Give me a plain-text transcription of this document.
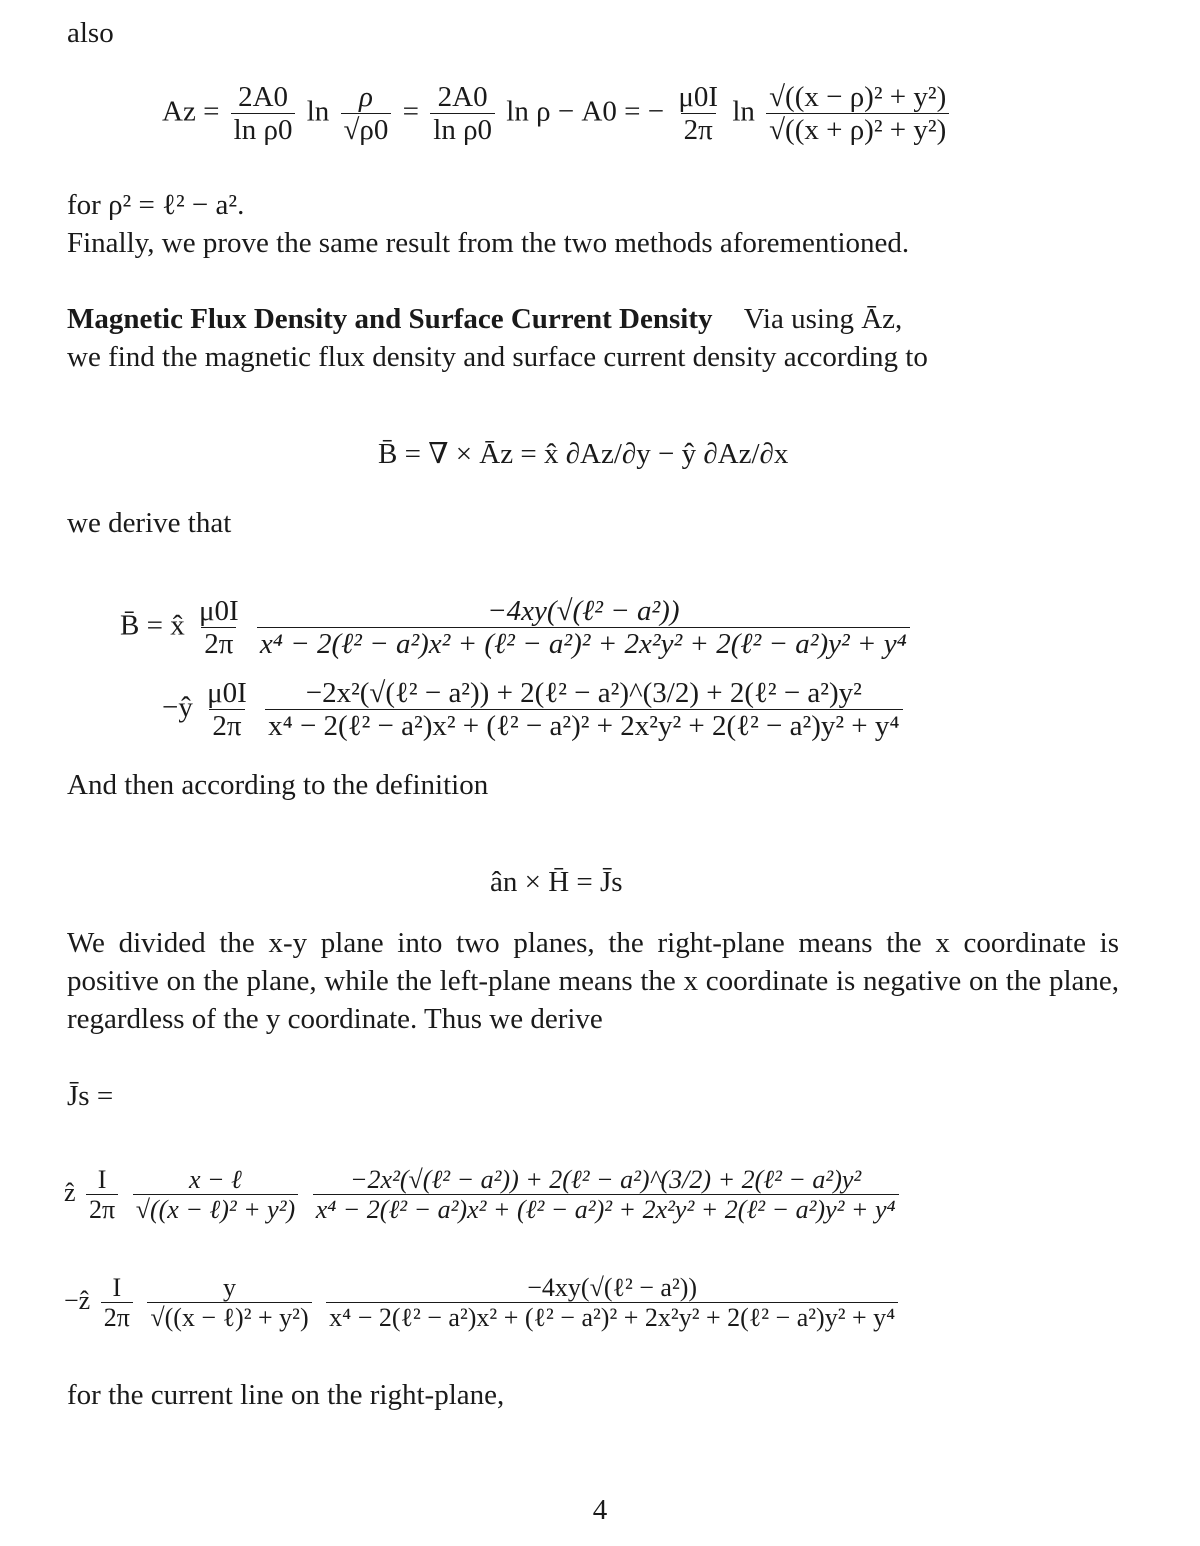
also
$Az = \frac{2A0}{\text{ln ρ0}}$ $\ln \frac{\rho}{√\rho 0} = \frac{2A0}{\text{ln ρ0}}$ ln ρ − A0 = − $\frac{\mu 0I}{2\pi}$ $\ln \frac{\text{√((x − ρ)² + y²)}}{\text{√((x + ρ)² + y²)}}$
for ρ² = ℓ² − a².
Finally, we prove the same result from the two methods aforementioned.
Magnetic Flux Density and Surface Current Density Via using Āz,
we find the magnetic flux density and surface current density according to
B̄ = ∇ × Āz = x̂ ∂Az/∂y − ŷ ∂Az/∂x
we derive that
B̄ = x̂ $\frac{\mu 0I}{2\pi}$
$\frac{\text{−4xy(√(ℓ² − a²))}}{\text{x⁴ − 2(ℓ² − a²)x² + (ℓ² − a²)² + 2x²y² + 2(ℓ² − a²)y² + y⁴}}$
−ŷ $\frac{\mu 0I}{2\pi}$
$\frac{\text{−2x²(√(ℓ² − a²)) + 2(ℓ² − a²)\textasciicircum{}(3/2) + 2(ℓ² − a²)y²}}{\text{x⁴ − 2(ℓ² − a²)x² + (ℓ² − a²)² + 2x²y² + 2(ℓ² − a²)y² + y⁴}}$
And then according to the definition
ân × H̄ = J̄s
We divided the x-y plane into two planes, the right-plane means the x coordinate is positive on the plane, while the left-plane means the x coordinate is negative on the plane, regardless of the y coordinate. Thus we derive
J̄s =
ẑ $\frac{I}{2\pi}$
$\frac{\text{x − ℓ}}{\text{√((x − ℓ)² + y²)}}$
$\frac{\text{−2x²(√(ℓ² − a²)) + 2(ℓ² − a²)\textasciicircum{}(3/2) + 2(ℓ² − a²)y²}}{\text{x⁴ − 2(ℓ² − a²)x² + (ℓ² − a²)² + 2x²y² + 2(ℓ² − a²)y² + y⁴}}$
−ẑ $\frac{I}{2\pi}$
$\frac{y}{\text{√((x − ℓ)² + y²)}}$
$\frac{\text{−4xy(√(ℓ² − a²))}}{\text{x⁴ − 2(ℓ² − a²)x² + (ℓ² − a²)² + 2x²y² + 2(ℓ² − a²)y² + y⁴}}$
for the current line on the right-plane,
4
